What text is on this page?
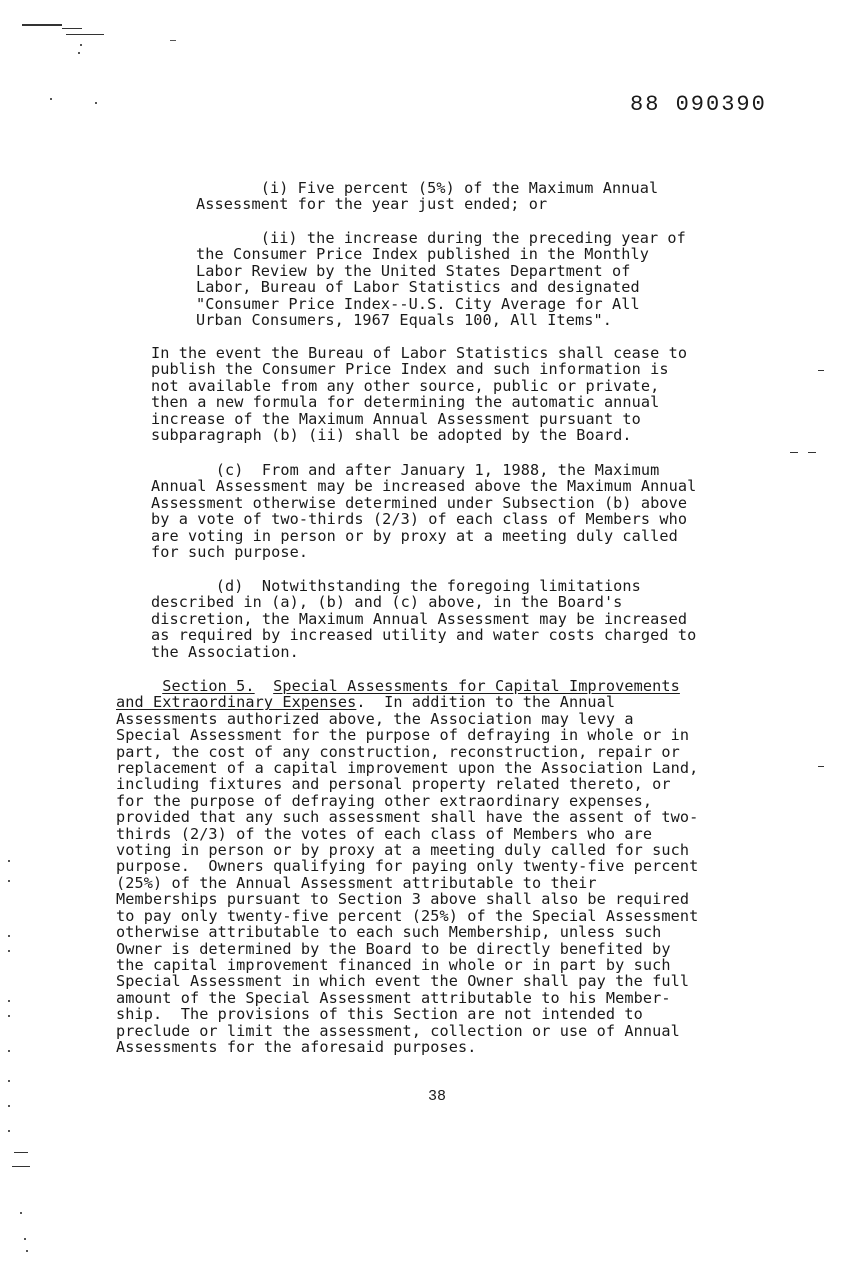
88 090390
(i) Five percent (5%) of the Maximum Annual
Assessment for the year just ended; or
(ii) the increase during the preceding year of
the Consumer Price Index published in the Monthly
Labor Review by the United States Department of
Labor, Bureau of Labor Statistics and designated
"Consumer Price Index--U.S. City Average for All
Urban Consumers, 1967 Equals 100, All Items".
In the event the Bureau of Labor Statistics shall cease to
publish the Consumer Price Index and such information is
not available from any other source, public or private,
then a new formula for determining the automatic annual
increase of the Maximum Annual Assessment pursuant to
subparagraph (b) (ii) shall be adopted by the Board.
(c)  From and after January 1, 1988, the Maximum
Annual Assessment may be increased above the Maximum Annual
Assessment otherwise determined under Subsection (b) above
by a vote of two-thirds (2/3) of each class of Members who
are voting in person or by proxy at a meeting duly called
for such purpose.
(d)  Notwithstanding the foregoing limitations
described in (a), (b) and (c) above, in the Board's
discretion, the Maximum Annual Assessment may be increased
as required by increased utility and water costs charged to
the Association.
Section 5. Special Assessments for Capital Improvements
and Extraordinary Expenses.  In addition to the Annual
Assessments authorized above, the Association may levy a
Special Assessment for the purpose of defraying in whole or in
part, the cost of any construction, reconstruction, repair or
replacement of a capital improvement upon the Association Land,
including fixtures and personal property related thereto, or
for the purpose of defraying other extraordinary expenses,
provided that any such assessment shall have the assent of two-
thirds (2/3) of the votes of each class of Members who are
voting in person or by proxy at a meeting duly called for such
purpose.  Owners qualifying for paying only twenty-five percent
(25%) of the Annual Assessment attributable to their
Memberships pursuant to Section 3 above shall also be required
to pay only twenty-five percent (25%) of the Special Assessment
otherwise attributable to each such Membership, unless such
Owner is determined by the Board to be directly benefited by
the capital improvement financed in whole or in part by such
Special Assessment in which event the Owner shall pay the full
amount of the Special Assessment attributable to his Member-
ship.  The provisions of this Section are not intended to
preclude or limit the assessment, collection or use of Annual
Assessments for the aforesaid purposes.
38
